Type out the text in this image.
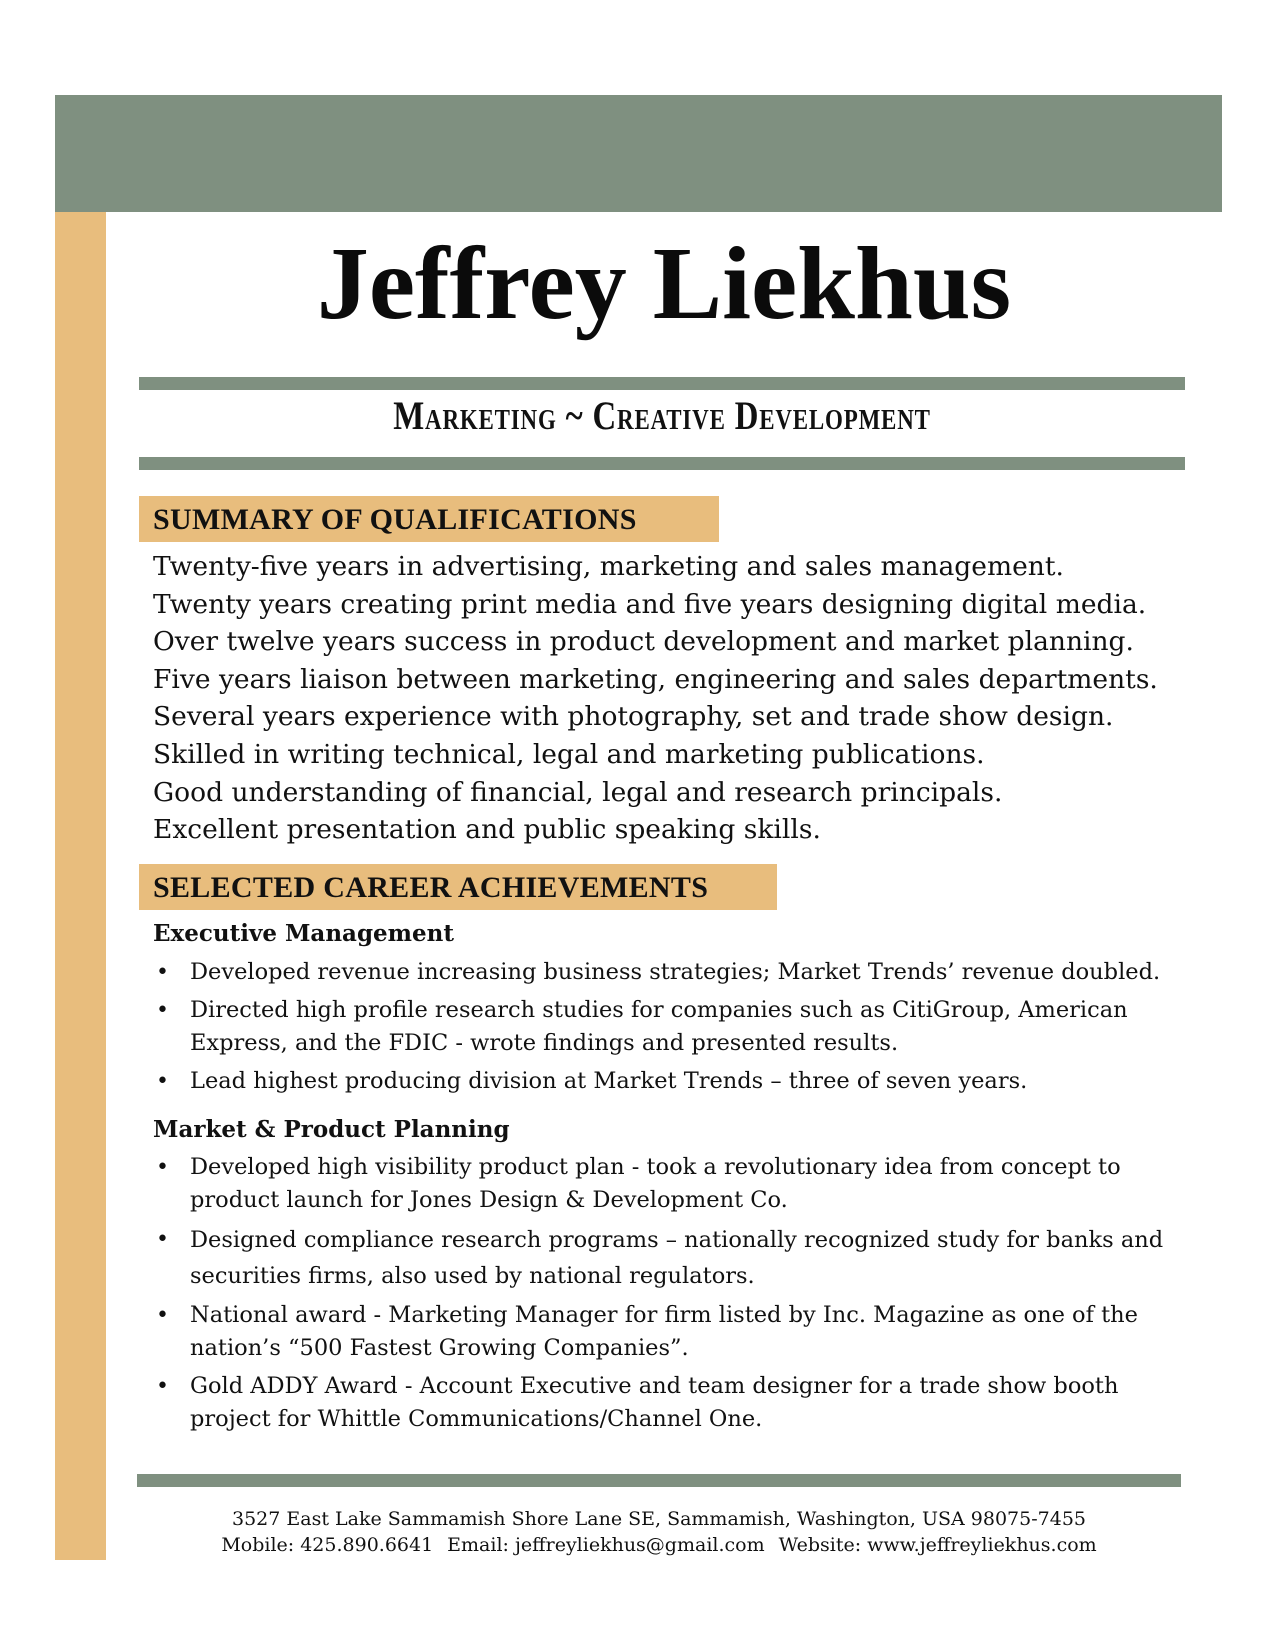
Jeffrey Liekhus
Marketing ~ Creative Development
SUMMARY OF QUALIFICATIONS
Twenty-five years in advertising, marketing and sales management.
Twenty years creating print media and five years designing digital media.
Over twelve years success in product development and market planning.
Five years liaison between marketing, engineering and sales departments.
Several years experience with photography, set and trade show design.
Skilled in writing technical, legal and marketing publications.
Good understanding of financial, legal and research principals.
Excellent presentation and public speaking skills.
SELECTED CAREER ACHIEVEMENTS
Executive Management
• Developed revenue increasing business strategies; Market Trends’ revenue doubled.
• Directed high profile research studies for companies such as CitiGroup, American Express, and the FDIC - wrote findings and presented results.
• Lead highest producing division at Market Trends – three of seven years.
Market & Product Planning
• Developed high visibility product plan - took a revolutionary idea from concept to product launch for Jones Design & Development Co.
• Designed compliance research programs – nationally recognized study for banks and securities firms, also used by national regulators.
• National award - Marketing Manager for firm listed by Inc. Magazine as one of the nation’s “500 Fastest Growing Companies”.
• Gold ADDY Award - Account Executive and team designer for a trade show booth project for Whittle Communications/Channel One.
3527 East Lake Sammamish Shore Lane SE, Sammamish, Washington, USA 98075-7455
Mobile: 425.890.6641 Email: jeffreyliekhus@gmail.com Website: www.jeffreyliekhus.com
